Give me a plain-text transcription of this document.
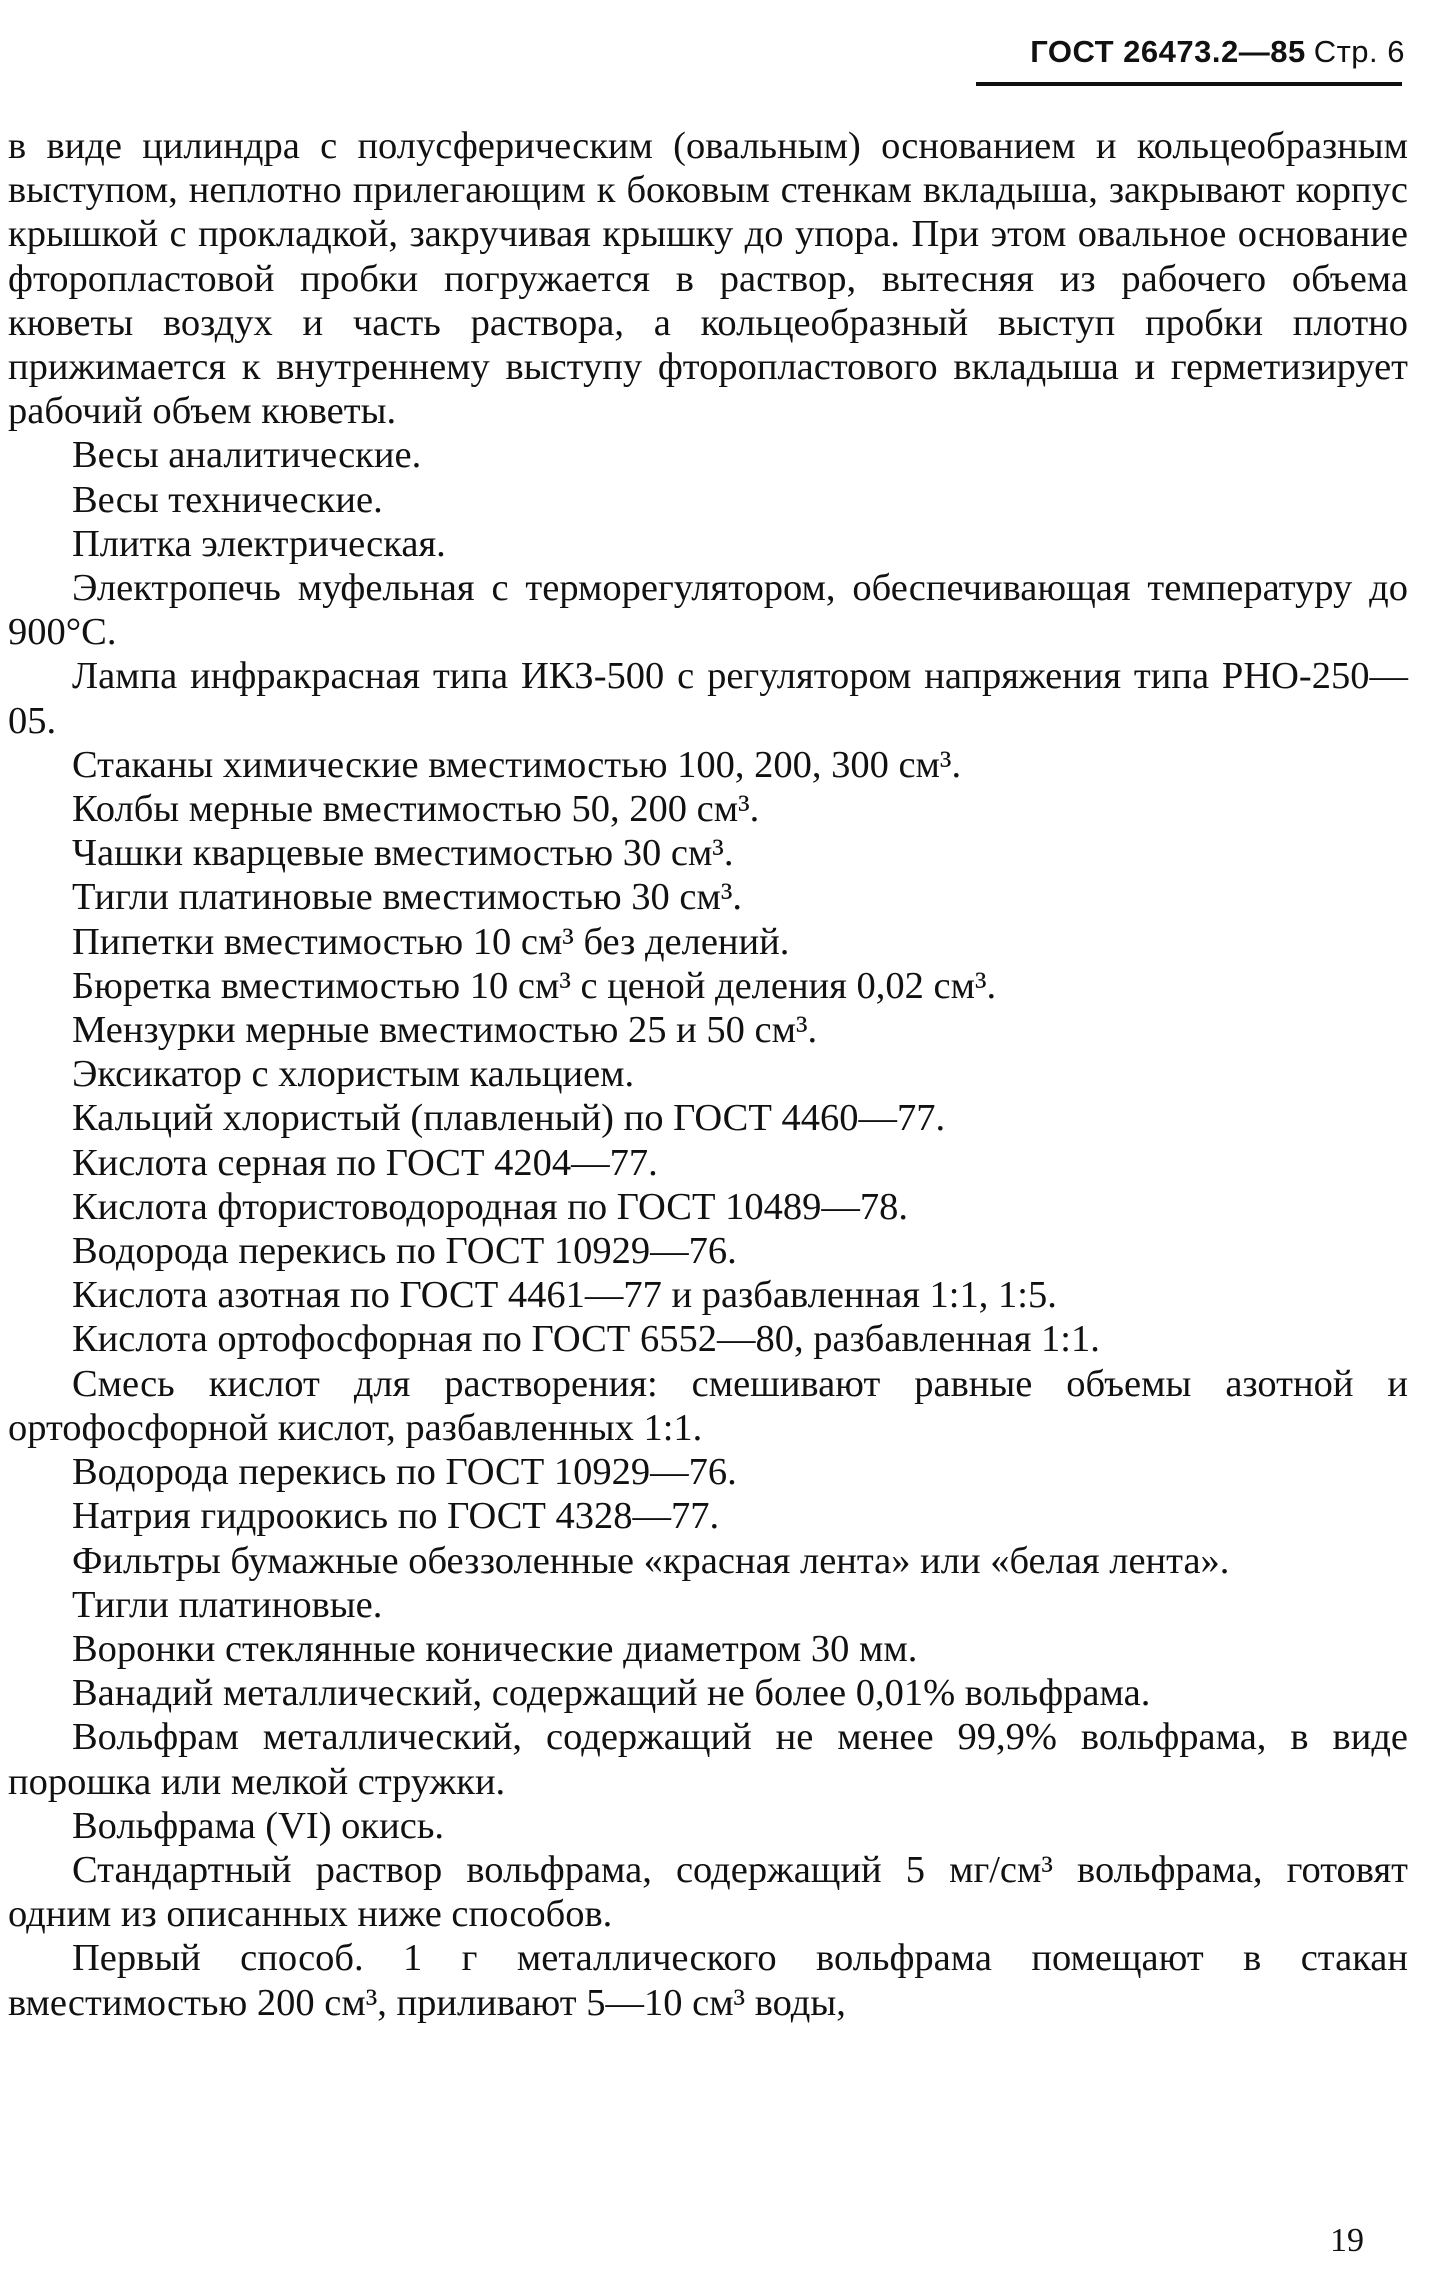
ГОСТ 26473.2—85 Стр. 6

в виде цилиндра с полусферическим (овальным) основанием и кольцеобразным выступом, неплотно прилегающим к боковым стенкам вкладыша, закрывают корпус крышкой с прокладкой, закручивая крышку до упора. При этом овальное основание фторопластовой пробки погружается в раствор, вытесняя из рабочего объема кюветы воздух и часть раствора, а кольцеобразный выступ пробки плотно прижимается к внутреннему выступу фторопластового вкладыша и герметизирует рабочий объем кюветы.

Весы аналитические.

Весы технические.

Плитка электрическая.

Электропечь муфельная с терморегулятором, обеспечивающая температуру до 900°С.

Лампа инфракрасная типа ИКЗ-500 с регулятором напряжения типа РНО-250—05.

Стаканы химические вместимостью 100, 200, 300 см³.

Колбы мерные вместимостью 50, 200 см³.

Чашки кварцевые вместимостью 30 см³.

Тигли платиновые вместимостью 30 см³.

Пипетки вместимостью 10 см³ без делений.

Бюретка вместимостью 10 см³ с ценой деления 0,02 см³.

Мензурки мерные вместимостью 25 и 50 см³.

Эксикатор с хлористым кальцием.

Кальций хлористый (плавленый) по ГОСТ 4460—77.

Кислота серная по ГОСТ 4204—77.

Кислота фтористоводородная по ГОСТ 10489—78.

Водорода перекись по ГОСТ 10929—76.

Кислота азотная по ГОСТ 4461—77 и разбавленная 1:1, 1:5.

Кислота ортофосфорная по ГОСТ 6552—80, разбавленная 1:1.

Смесь кислот для растворения: смешивают равные объемы азотной и ортофосфорной кислот, разбавленных 1:1.

Водорода перекись по ГОСТ 10929—76.

Натрия гидроокись по ГОСТ 4328—77.

Фильтры бумажные обеззоленные «красная лента» или «белая лента».

Тигли платиновые.

Воронки стеклянные конические диаметром 30 мм.

Ванадий металлический, содержащий не более 0,01% вольфрама.

Вольфрам металлический, содержащий не менее 99,9% вольфрама, в виде порошка или мелкой стружки.

Вольфрама (VI) окись.

Стандартный раствор вольфрама, содержащий 5 мг/см³ вольфрама, готовят одним из описанных ниже способов.

Первый способ. 1 г металлического вольфрама помещают в стакан вместимостью 200 см³, приливают 5—10 см³ воды,

19
